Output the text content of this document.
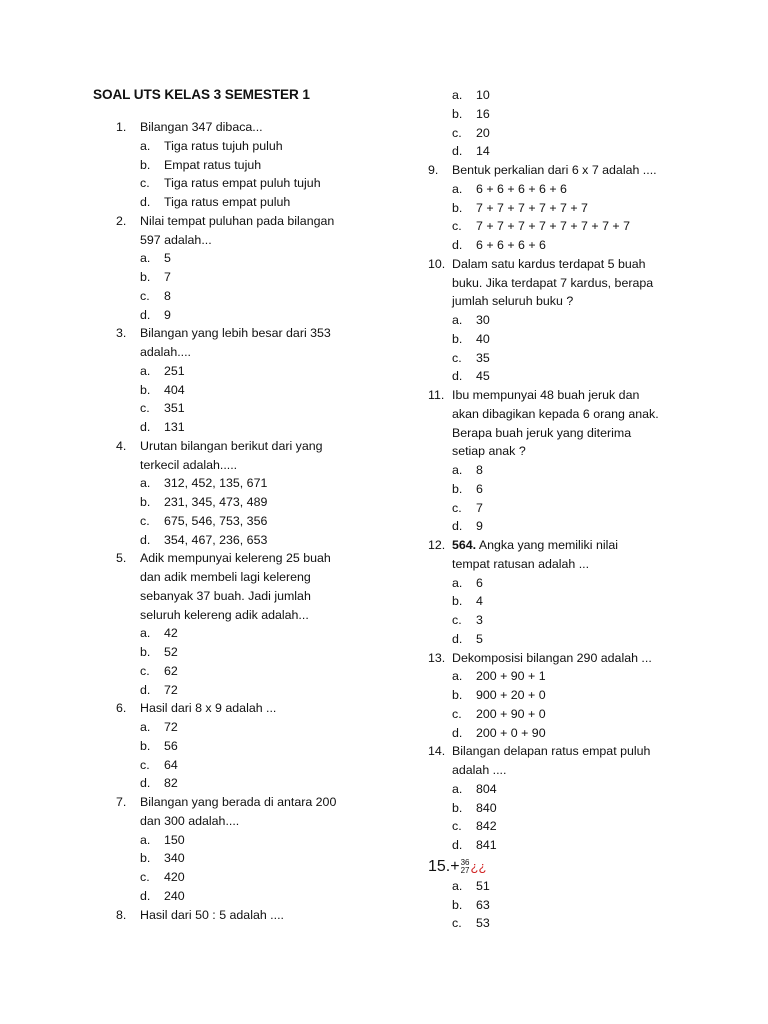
SOAL UTS KELAS 3 SEMESTER 1
1. Bilangan 347 dibaca...
a. Tiga ratus tujuh puluh
b. Empat ratus tujuh
c. Tiga ratus empat puluh tujuh
d. Tiga ratus empat puluh
2. Nilai tempat puluhan pada bilangan
597 adalah...
a. 5
b. 7
c. 8
d. 9
3. Bilangan yang lebih besar dari 353
adalah....
a. 251
b. 404
c. 351
d. 131
4. Urutan bilangan berikut dari yang
terkecil adalah.....
a. 312, 452, 135, 671
b. 231, 345, 473, 489
c. 675, 546, 753, 356
d. 354, 467, 236, 653
5. Adik mempunyai kelereng 25 buah
dan adik membeli lagi kelereng
sebanyak 37 buah. Jadi jumlah
seluruh kelereng adik adalah...
a. 42
b. 52
c. 62
d. 72
6. Hasil dari 8 x 9 adalah ...
a. 72
b. 56
c. 64
d. 82
7. Bilangan yang berada di antara 200
dan 300 adalah....
a. 150
b. 340
c. 420
d. 240
8. Hasil dari 50 : 5 adalah ....
a. 10
b. 16
c. 20
d. 14
9. Bentuk perkalian dari 6 x 7 adalah ....
a. 6 + 6 + 6 + 6 + 6
b. 7 + 7 + 7 + 7 + 7 + 7
c. 7 + 7 + 7 + 7 + 7 + 7 + 7 + 7
d. 6 + 6 + 6 + 6
10. Dalam satu kardus terdapat 5 buah
buku. Jika terdapat 7 kardus, berapa
jumlah seluruh buku ?
a. 30
b. 40
c. 35
d. 45
11. Ibu mempunyai 48 buah jeruk dan
akan dibagikan kepada 6 orang anak.
Berapa buah jeruk yang diterima
setiap anak ?
a. 8
b. 6
c. 7
d. 9
12. 564. Angka yang memiliki nilai
tempat ratusan adalah ...
a. 6
b. 4
c. 3
d. 5
13. Dekomposisi bilangan 290 adalah ...
a. 200 + 90 + 1
b. 900 + 20 + 0
c. 200 + 90 + 0
d. 200 + 0 + 90
14. Bilangan delapan ratus empat puluh
adalah ....
a. 804
b. 840
c. 842
d. 841
15.+ 36
27 ¿¿
a. 51
b. 63
c. 53
